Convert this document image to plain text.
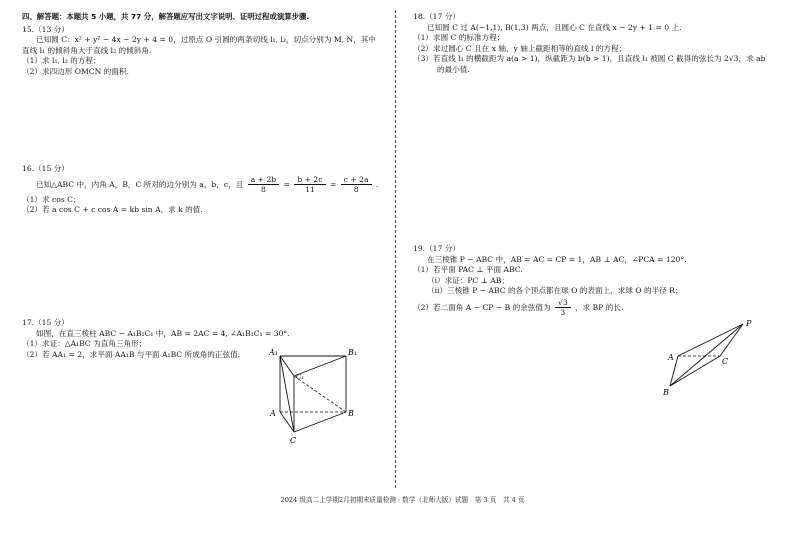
四、解答题：本题共 5 小题，共 77 分，解答题应写出文字说明、证明过程或演算步骤.
15.（13 分）
已知圆 C：x² + y² − 4x − 2y + 4 = 0，过原点 O 引圆的两条切线 l₁, l₂，切点分别为 M, N，其中
直线 l₁ 的倾斜角大于直线 l₂ 的倾斜角.
（1）求 l₁, l₂ 的方程；
（2）求四边形 OMCN 的面积.
16.（15 分）
已知△ABC 中，内角 A，B，C 所对的边分别为 a，b，c，且 $\frac{a + 2b}{8} = \frac{b + 2c}{11} = \frac{c + 2a}{8}$ .
（1）求 cos C；
（2）若 a cos C + c cos A = kb sin A，求 k 的值.
17.（15 分）
如图，在直三棱柱 ABC − A₁B₁C₁ 中，AB = 2AC = 4, ∠A₁B₁C₁ = 30°.
（1）求证：△A₁BC 为直角三角形；
（2）若 AA₁ = 2，求平面 AA₁B 与平面 A₁BC 所成角的正弦值.	A₁	B₁
C₁
A	B
C
18.（17 分）
已知圆 C 过 A(−1,1), B(1,3) 两点，且圆心 C 在直线 x − 2y + 1 = 0 上.
（1）求圆 C 的标准方程；
（2）求过圆心 C 且在 x 轴、y 轴上截距相等的直线 l 的方程；
（3）若直线 l₁ 的横截距为 a(a > 1)，纵截距为 b(b > 1)，且直线 l₁ 被圆 C 截得的弦长为 2√3，求 ab
的最小值.
19.（17 分）
在三棱锥 P − ABC 中，AB = AC = CP = 1，AB ⊥ AC，∠PCA = 120°.
（1）若平面 PAC ⊥ 平面 ABC.
（i）求证：PC ⊥ AB；
（ii）三棱锥 P − ABC 的各个顶点都在球 O 的表面上，求球 O 的半径 R；
（2）若二面角 A − CP − B 的余弦值为 $\frac{√3}{3}$ ，求 BP 的长.
P
A	C
B
2024 级高二上学期2月初期末质量检测 · 数学（北师大版）试题　第 3 页　共 4 页
